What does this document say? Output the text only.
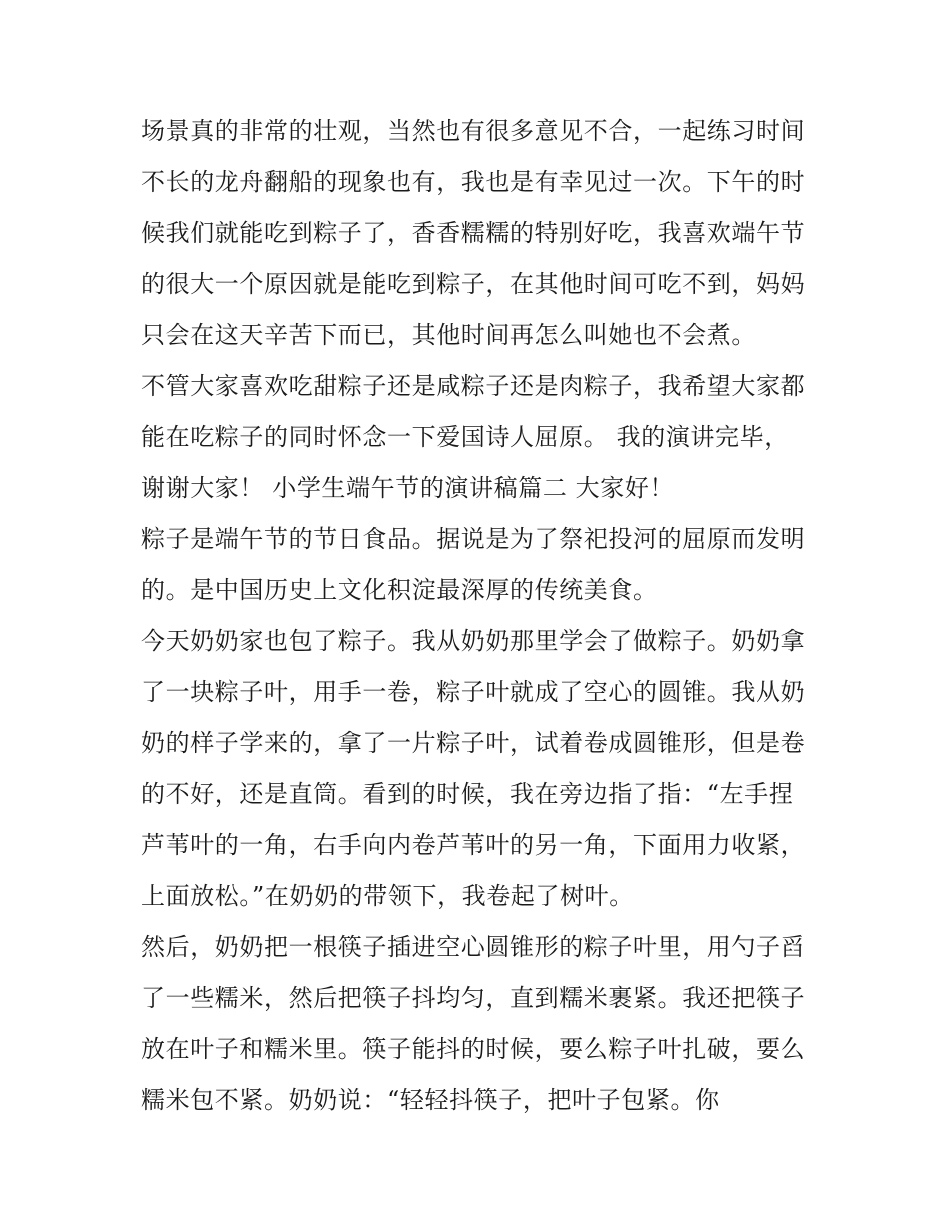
场景真的非常的壮观，当然也有很多意见不合，一起练习时间
不长的龙舟翻船的现象也有，我也是有幸见过一次。下午的时
候我们就能吃到粽子了，香香糯糯的特别好吃，我喜欢端午节
的很大一个原因就是能吃到粽子，在其他时间可吃不到，妈妈
只会在这天辛苦下而已，其他时间再怎么叫她也不会煮。
不管大家喜欢吃甜粽子还是咸粽子还是肉粽子，我希望大家都
能在吃粽子的同时怀念一下爱国诗人屈原。 我的演讲完毕，
谢谢大家！ 小学生端午节的演讲稿篇二 大家好！
粽子是端午节的节日食品。据说是为了祭祀投河的屈原而发明
的。是中国历史上文化积淀最深厚的传统美食。
今天奶奶家也包了粽子。我从奶奶那里学会了做粽子。奶奶拿
了一块粽子叶，用手一卷，粽子叶就成了空心的圆锥。我从奶
奶的样子学来的，拿了一片粽子叶，试着卷成圆锥形，但是卷
的不好，还是直筒。看到的时候，我在旁边指了指：“左手捏
芦苇叶的一角，右手向内卷芦苇叶的另一角，下面用力收紧，
上面放松。”在奶奶的带领下，我卷起了树叶。
然后，奶奶把一根筷子插进空心圆锥形的粽子叶里，用勺子舀
了一些糯米，然后把筷子抖均匀，直到糯米裹紧。我还把筷子
放在叶子和糯米里。筷子能抖的时候，要么粽子叶扎破，要么
糯米包不紧。奶奶说：“轻轻抖筷子，把叶子包紧。你
